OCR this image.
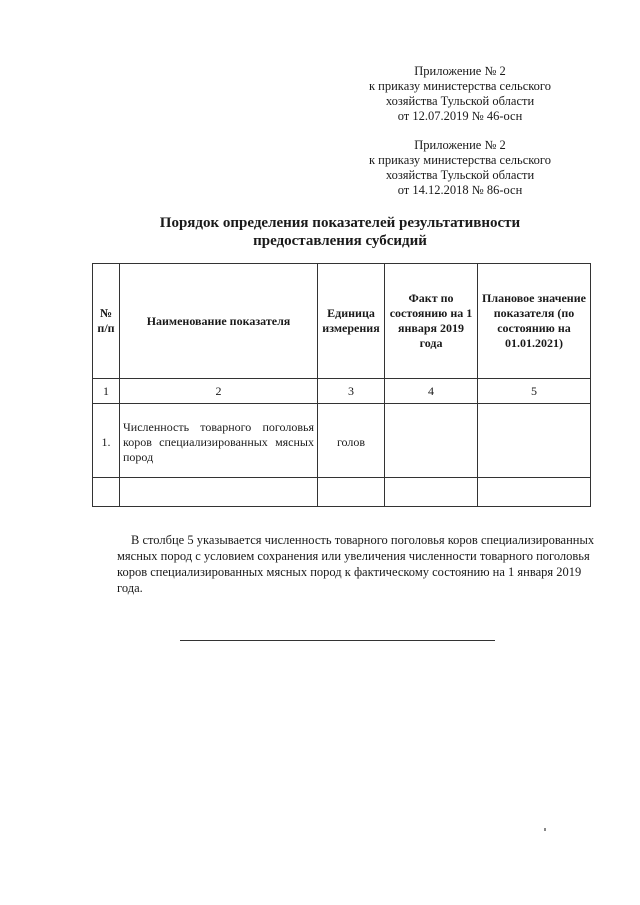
Приложение № 2
к приказу министерства сельского
хозяйства Тульской области
от 12.07.2019 № 46-осн
Приложение № 2
к приказу министерства сельского
хозяйства Тульской области
от 14.12.2018 № 86-осн
Порядок определения показателей результативности
предоставления субсидий
№ п/п	Наименование показателя	Единица измерения	Факт по состоянию на 1 января 2019 года	Плановое значение показателя (по состоянию на 01.01.2021)
1	2	3	4	5
1.	Численность товарного поголовья коров специализированных мясных пород	голов		

В столбце 5 указывается численность товарного поголовья коров специализированных мясных пород с условием сохранения или увеличения численности товарного поголовья коров специализированных мясных пород к фактическому состоянию на 1 января 2019 года.
